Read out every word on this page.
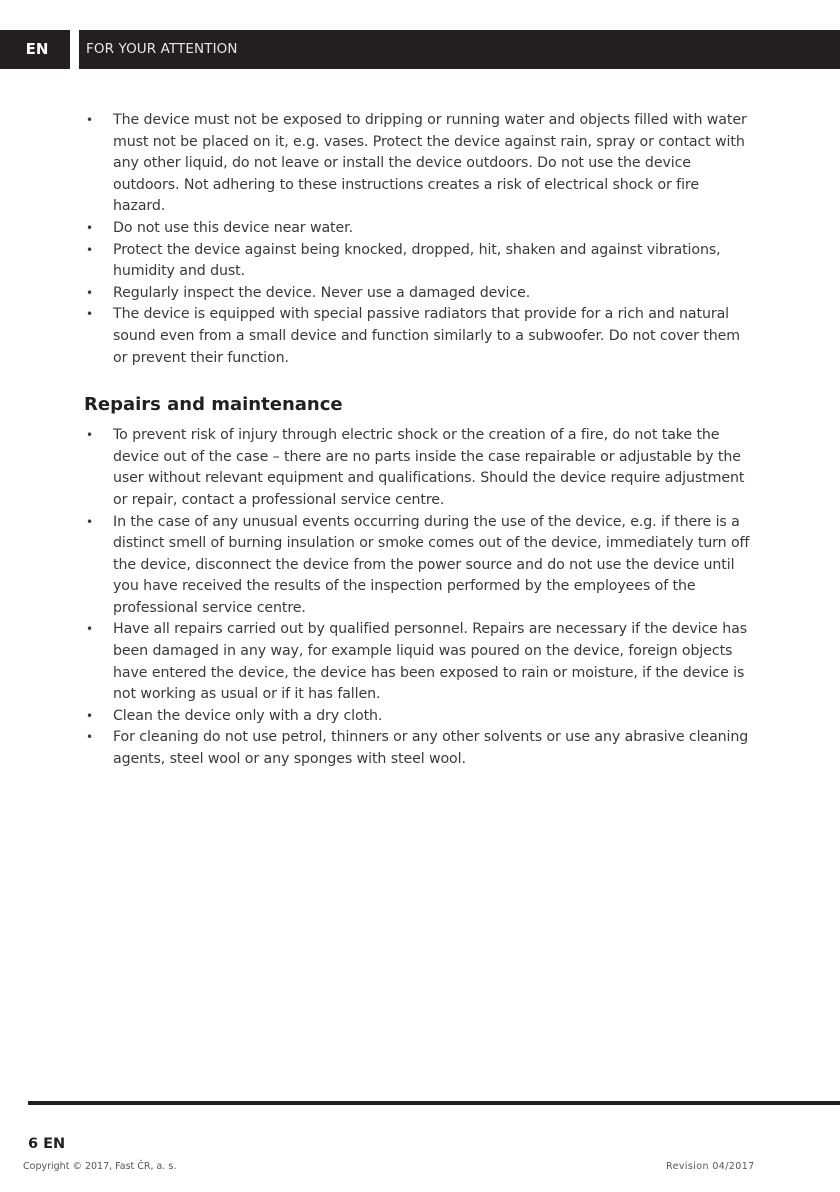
EN	FOR YOUR ATTENTION
• The device must not be exposed to dripping or running water and objects filled with water must not be placed on it, e.g. vases. Protect the device against rain, spray or contact with any other liquid, do not leave or install the device outdoors. Do not use the device outdoors. Not adhering to these instructions creates a risk of electrical shock or fire hazard.
• Do not use this device near water.
• Protect the device against being knocked, dropped, hit, shaken and against vibrations, humidity and dust.
• Regularly inspect the device. Never use a damaged device.
• The device is equipped with special passive radiators that provide for a rich and natural sound even from a small device and function similarly to a subwoofer. Do not cover them or prevent their function.
Repairs and maintenance
• To prevent risk of injury through electric shock or the creation of a fire, do not take the device out of the case – there are no parts inside the case repairable or adjustable by the user without relevant equipment and qualifications. Should the device require adjustment or repair, contact a professional service centre.
• In the case of any unusual events occurring during the use of the device, e.g. if there is a distinct smell of burning insulation or smoke comes out of the device, immediately turn off the device, disconnect the device from the power source and do not use the device until you have received the results of the inspection performed by the employees of the professional service centre.
• Have all repairs carried out by qualified personnel. Repairs are necessary if the device has been damaged in any way, for example liquid was poured on the device, foreign objects have entered the device, the device has been exposed to rain or moisture, if the device is not working as usual or if it has fallen.
• Clean the device only with a dry cloth.
• For cleaning do not use petrol, thinners or any other solvents or use any abrasive cleaning agents, steel wool or any sponges with steel wool.
6 EN
Copyright © 2017, Fast ČR, a. s.	Revision 04/2017
